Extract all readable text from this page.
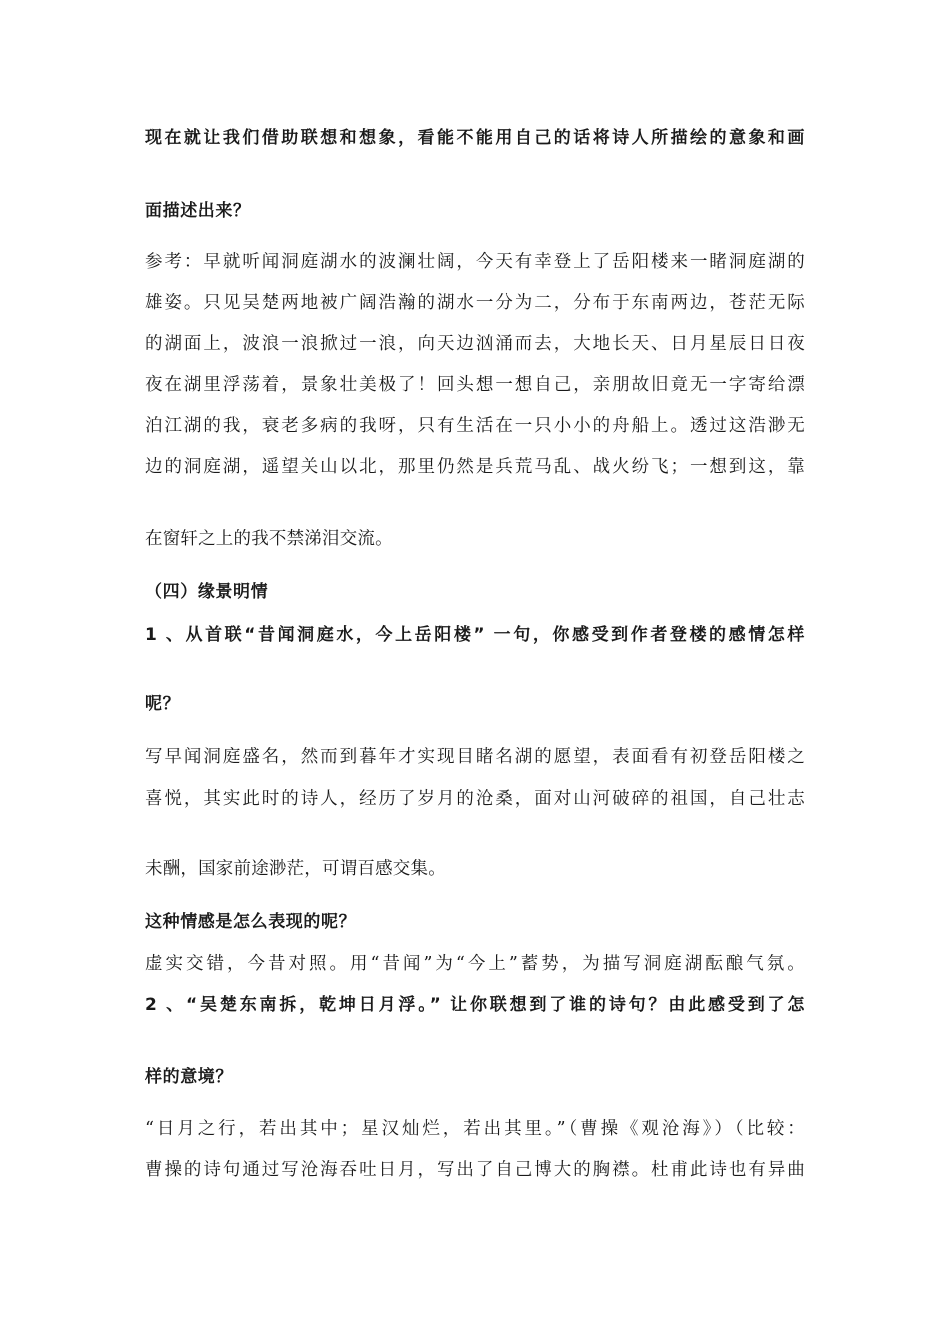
现在就让我们借助联想和想象，看能不能用自己的话将诗人所描绘的意象和画
面描述出来？
参考：早就听闻洞庭湖水的波澜壮阔，今天有幸登上了岳阳楼来一睹洞庭湖的
雄姿。只见吴楚两地被广阔浩瀚的湖水一分为二，分布于东南两边，苍茫无际
的湖面上，波浪一浪掀过一浪，向天边汹涌而去，大地长天、日月星辰日日夜
夜在湖里浮荡着，景象壮美极了！回头想一想自己，亲朋故旧竟无一字寄给漂
泊江湖的我，衰老多病的我呀，只有生活在一只小小的舟船上。透过这浩渺无
边的洞庭湖，遥望关山以北，那里仍然是兵荒马乱、战火纷飞；一想到这，靠
在窗轩之上的我不禁涕泪交流。
（四）缘景明情
1 、从首联“昔闻洞庭水，今上岳阳楼” 一句，你感受到作者登楼的感情怎样
呢？
写早闻洞庭盛名，然而到暮年才实现目睹名湖的愿望，表面看有初登岳阳楼之
喜悦，其实此时的诗人，经历了岁月的沧桑，面对山河破碎的祖国，自己壮志
未酬，国家前途渺茫，可谓百感交集。
这种情感是怎么表现的呢？
虚实交错，今昔对照。用“昔闻”为“今上”蓄势，为描写洞庭湖酝酿气氛。
2 、“吴楚东南拆，乾坤日月浮。” 让你联想到了谁的诗句？由此感受到了怎
样的意境？
“日月之行，若出其中；星汉灿烂，若出其里。”（曹操《观沧海》）（比较：
曹操的诗句通过写沧海吞吐日月，写出了自己博大的胸襟。杜甫此诗也有异曲
